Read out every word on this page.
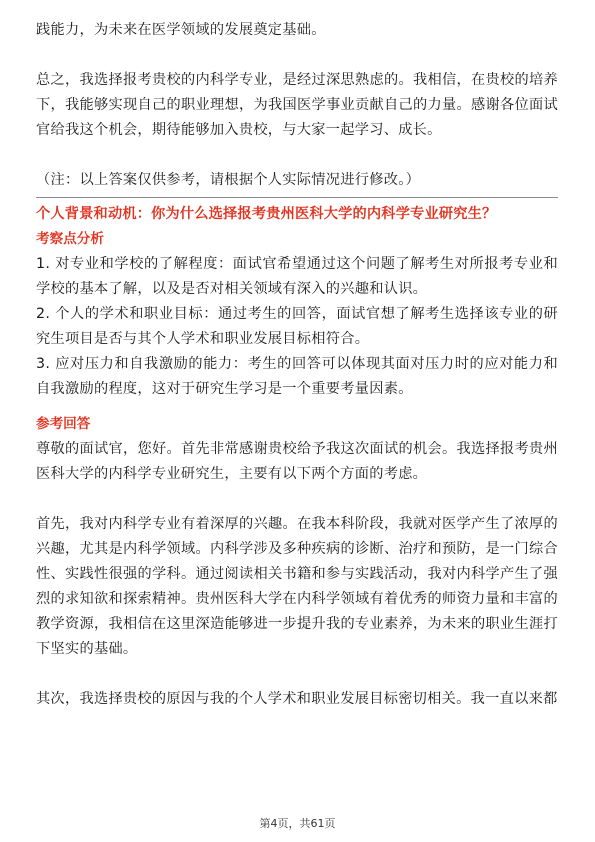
践能力，为未来在医学领域的发展奠定基础。

总之，我选择报考贵校的内科学专业，是经过深思熟虑的。我相信，在贵校的培养下，我能够实现自己的职业理想，为我国医学事业贡献自己的力量。感谢各位面试官给我这个机会，期待能够加入贵校，与大家一起学习、成长。

（注：以上答案仅供参考，请根据个人实际情况进行修改。）

个人背景和动机：你为什么选择报考贵州医科大学的内科学专业研究生？
考察点分析

1. 对专业和学校的了解程度：面试官希望通过这个问题了解考生对所报考专业和学校的基本了解，以及是否对相关领域有深入的兴趣和认识。

2. 个人的学术和职业目标：通过考生的回答，面试官想了解考生选择该专业的研究生项目是否与其个人学术和职业发展目标相符合。

3. 应对压力和自我激励的能力：考生的回答可以体现其面对压力时的应对能力和自我激励的程度，这对于研究生学习是一个重要考量因素。

参考回答

尊敬的面试官，您好。首先非常感谢贵校给予我这次面试的机会。我选择报考贵州医科大学的内科学专业研究生，主要有以下两个方面的考虑。

首先，我对内科学专业有着深厚的兴趣。在我本科阶段，我就对医学产生了浓厚的兴趣，尤其是内科学领域。内科学涉及多种疾病的诊断、治疗和预防，是一门综合性、实践性很强的学科。通过阅读相关书籍和参与实践活动，我对内科学产生了强烈的求知欲和探索精神。贵州医科大学在内科学领域有着优秀的师资力量和丰富的教学资源，我相信在这里深造能够进一步提升我的专业素养，为未来的职业生涯打下坚实的基础。

其次，我选择贵校的原因与我的个人学术和职业发展目标密切相关。我一直以来都

第4页，共61页
